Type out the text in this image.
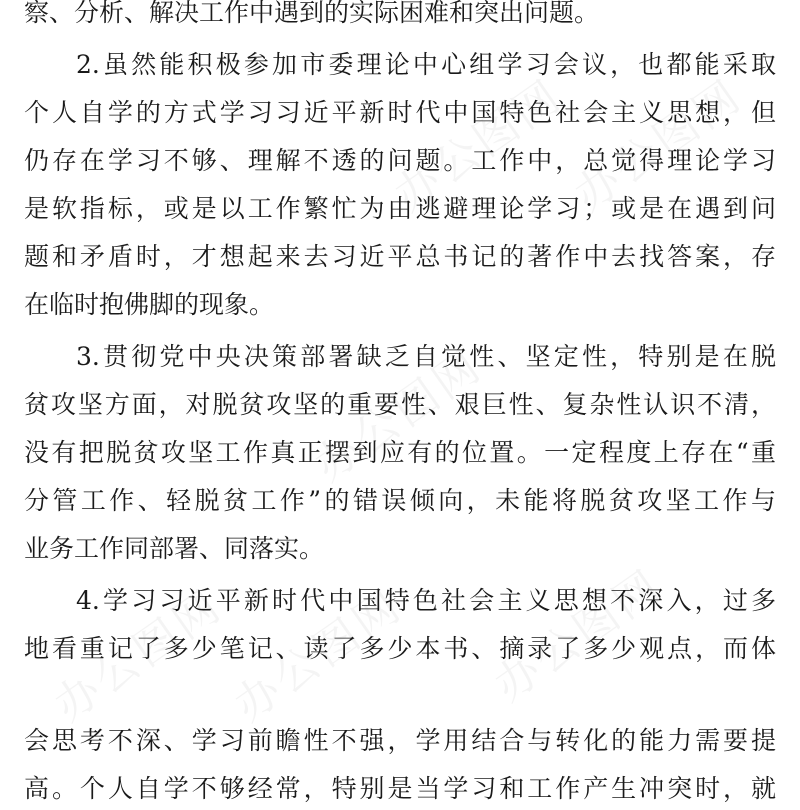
办公图网
办公图网
办公图网
办公图网
办公图网 办公图网
察、分析、解决工作中遇到的实际困难和突出问题。
2.虽然能积极参加市委理论中心组学习会议，也都能采取
个人自学的方式学习习近平新时代中国特色社会主义思想，但
仍存在学习不够、理解不透的问题。工作中，总觉得理论学习
是软指标，或是以工作繁忙为由逃避理论学习；或是在遇到问
题和矛盾时，才想起来去习近平总书记的著作中去找答案，存
在临时抱佛脚的现象。
3.贯彻党中央决策部署缺乏自觉性、坚定性，特别是在脱
贫攻坚方面，对脱贫攻坚的重要性、艰巨性、复杂性认识不清，
没有把脱贫攻坚工作真正摆到应有的位置。一定程度上存在“重
分管工作、轻脱贫工作”的错误倾向，未能将脱贫攻坚工作与
业务工作同部署、同落实。
4.学习习近平新时代中国特色社会主义思想不深入，过多
地看重记了多少笔记、读了多少本书、摘录了多少观点，而体
会思考不深、学习前瞻性不强，学用结合与转化的能力需要提
高。个人自学不够经常，特别是当学习和工作产生冲突时，就
